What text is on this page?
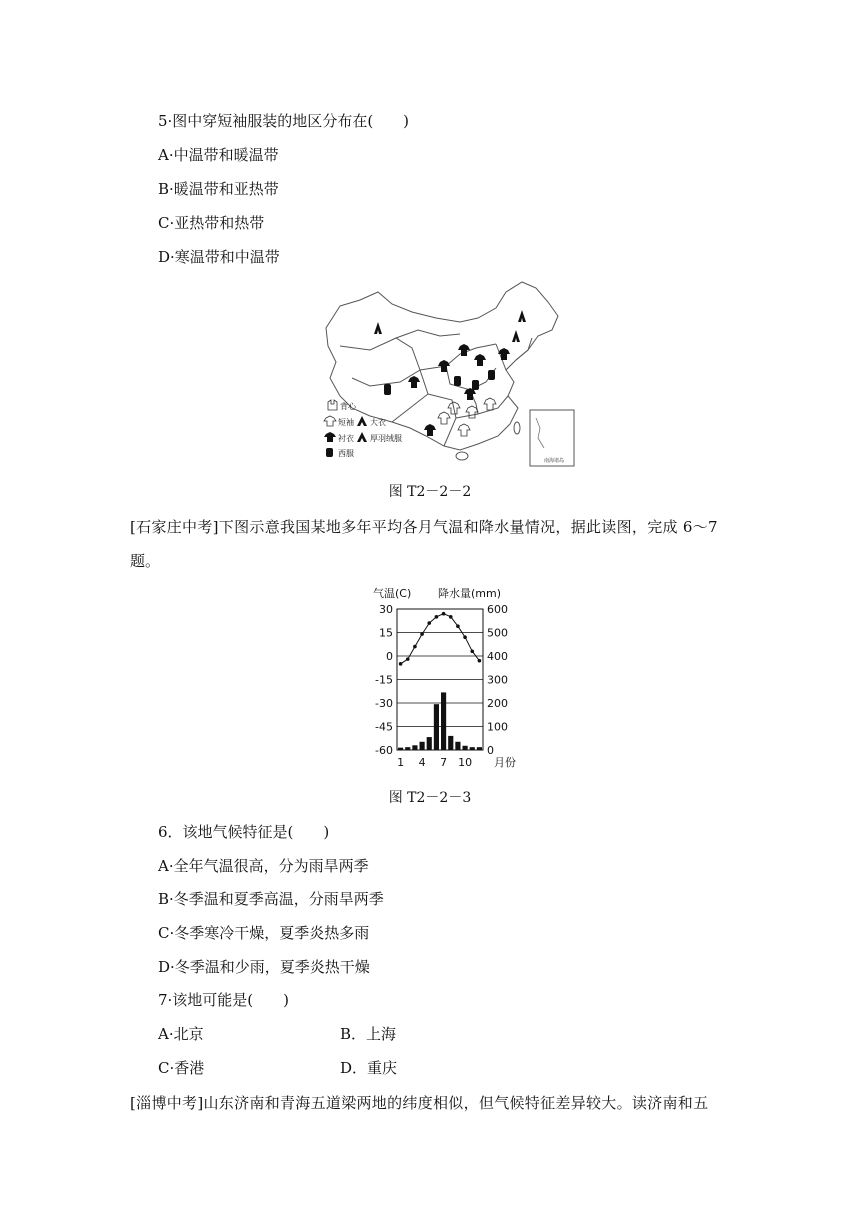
5·图中穿短袖服装的地区分布在(　　)
A·中温带和暖温带
B·暖温带和亚热带
C·亚热带和热带
D·寒温带和中温带
南海诸岛
背心
短袖 大衣
衬衣 厚羽绒服
西服
图 T2－2－2
[石家庄中考]下图示意我国某地多年平均各月气温和降水量情况，据此读图，完成 6～7
题。
气温(C) 降水量(mm)
30	600
15	500
0	400
-15	300
-30	200
-45	100
-60	0
1 4 7 10 月份
图 T2－2－3
6．该地气候特征是(　　)
A·全年气温很高，分为雨旱两季
B·冬季温和夏季高温，分雨旱两季
C·冬季寒冷干燥，夏季炎热多雨
D·冬季温和少雨，夏季炎热干燥
7·该地可能是(　　)
A·北京	B．上海
C·香港	D．重庆
[淄博中考]山东济南和青海五道梁两地的纬度相似，但气候特征差异较大。读济南和五
